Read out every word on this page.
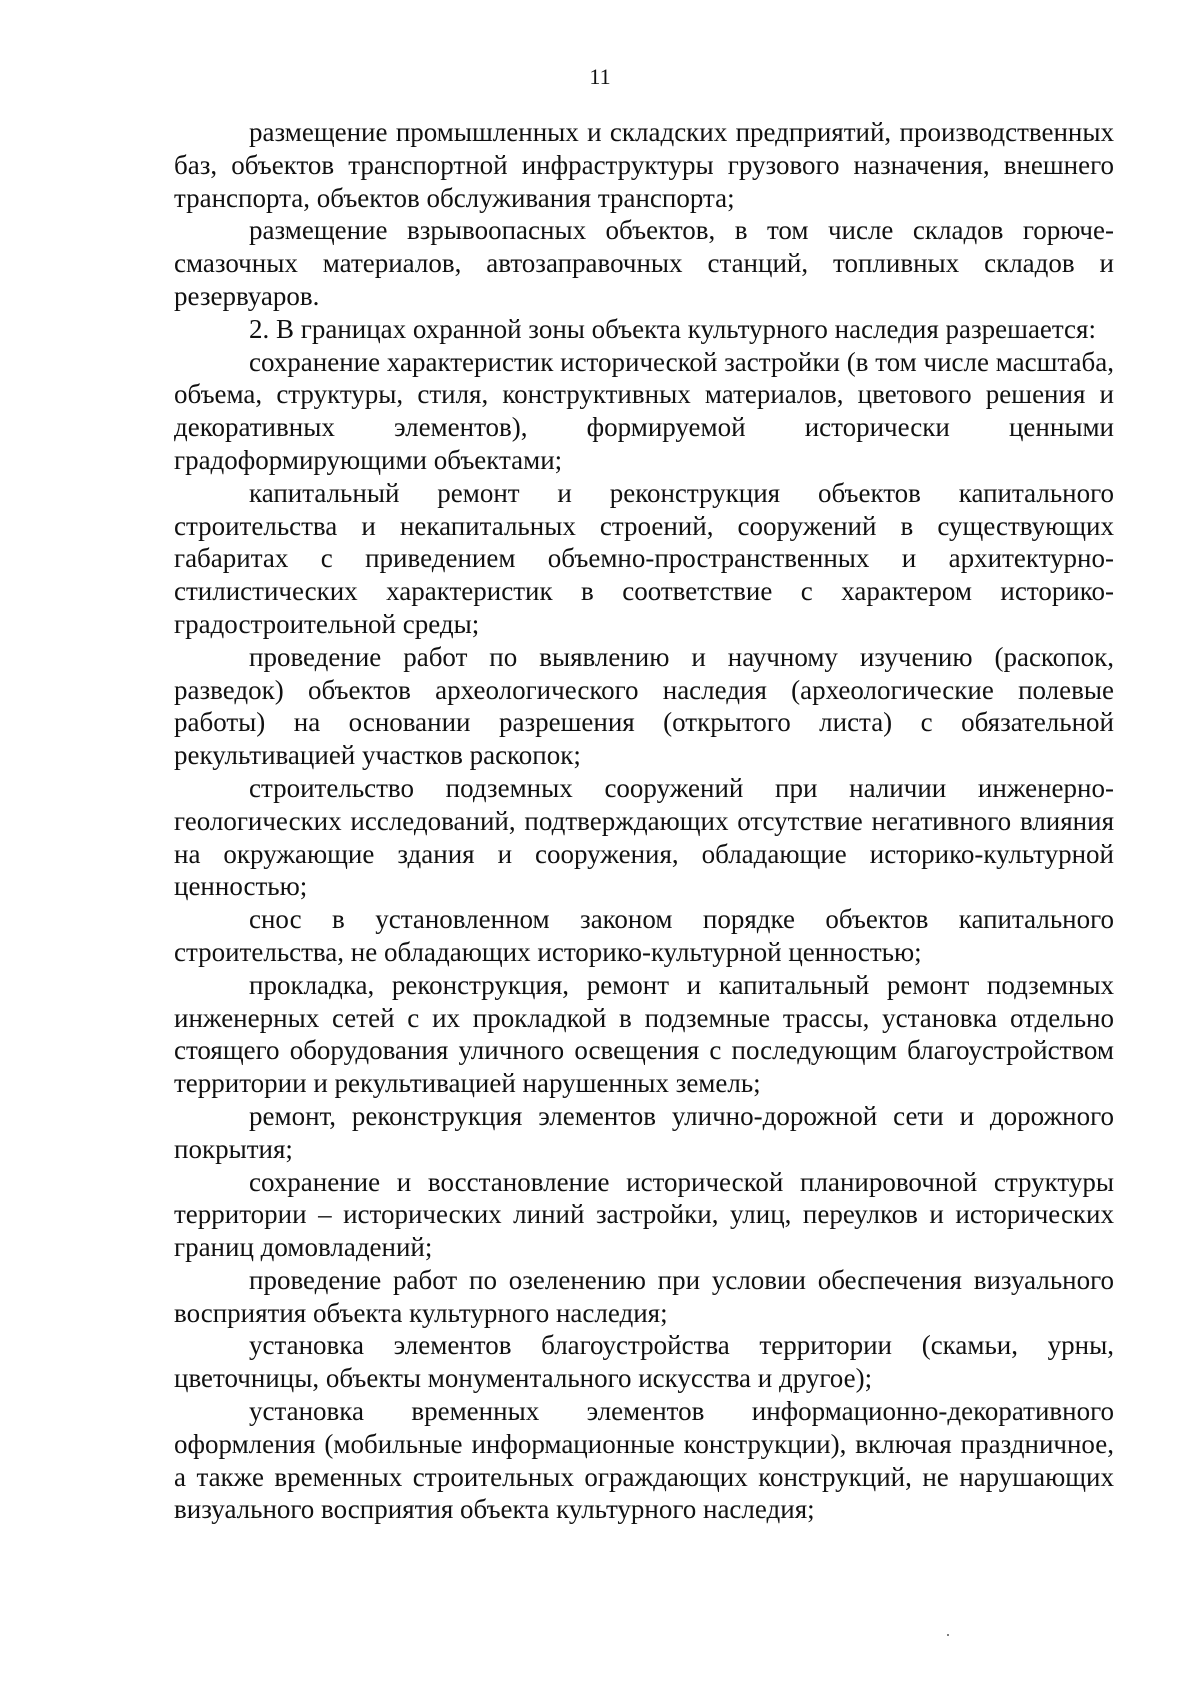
11

размещение промышленных и складских предприятий, производственных баз, объектов транспортной инфраструктуры грузового назначения, внешнего транспорта, объектов обслуживания транспорта;

размещение взрывоопасных объектов, в том числе складов горюче-смазочных материалов, автозаправочных станций, топливных складов и резервуаров.

2. В границах охранной зоны объекта культурного наследия разрешается:

сохранение характеристик исторической застройки (в том числе масштаба, объема, структуры, стиля, конструктивных материалов, цветового решения и декоративных элементов), формируемой исторически ценными градоформирующими объектами;

капитальный ремонт и реконструкция объектов капитального строительства и некапитальных строений, сооружений в существующих габаритах с приведением объемно-пространственных и архитектурно-стилистических характеристик в соответствие с характером историко-градостроительной среды;

проведение работ по выявлению и научному изучению (раскопок, разведок) объектов археологического наследия (археологические полевые работы) на основании разрешения (открытого листа) с обязательной рекультивацией участков раскопок;

строительство подземных сооружений при наличии инженерно-геологических исследований, подтверждающих отсутствие негативного влияния на окружающие здания и сооружения, обладающие историко-культурной ценностью;

снос в установленном законом порядке объектов капитального строительства, не обладающих историко-культурной ценностью;

прокладка, реконструкция, ремонт и капитальный ремонт подземных инженерных сетей с их прокладкой в подземные трассы, установка отдельно стоящего оборудования уличного освещения с последующим благоустройством территории и рекультивацией нарушенных земель;

ремонт, реконструкция элементов улично-дорожной сети и дорожного покрытия;

сохранение и восстановление исторической планировочной структуры территории – исторических линий застройки, улиц, переулков и исторических границ домовладений;

проведение работ по озеленению при условии обеспечения визуального восприятия объекта культурного наследия;

установка элементов благоустройства территории (скамьи, урны, цветочницы, объекты монументального искусства и другое);

установка временных элементов информационно-декоративного оформления (мобильные информационные конструкции), включая праздничное, а также временных строительных ограждающих конструкций, не нарушающих визуального восприятия объекта культурного наследия;
